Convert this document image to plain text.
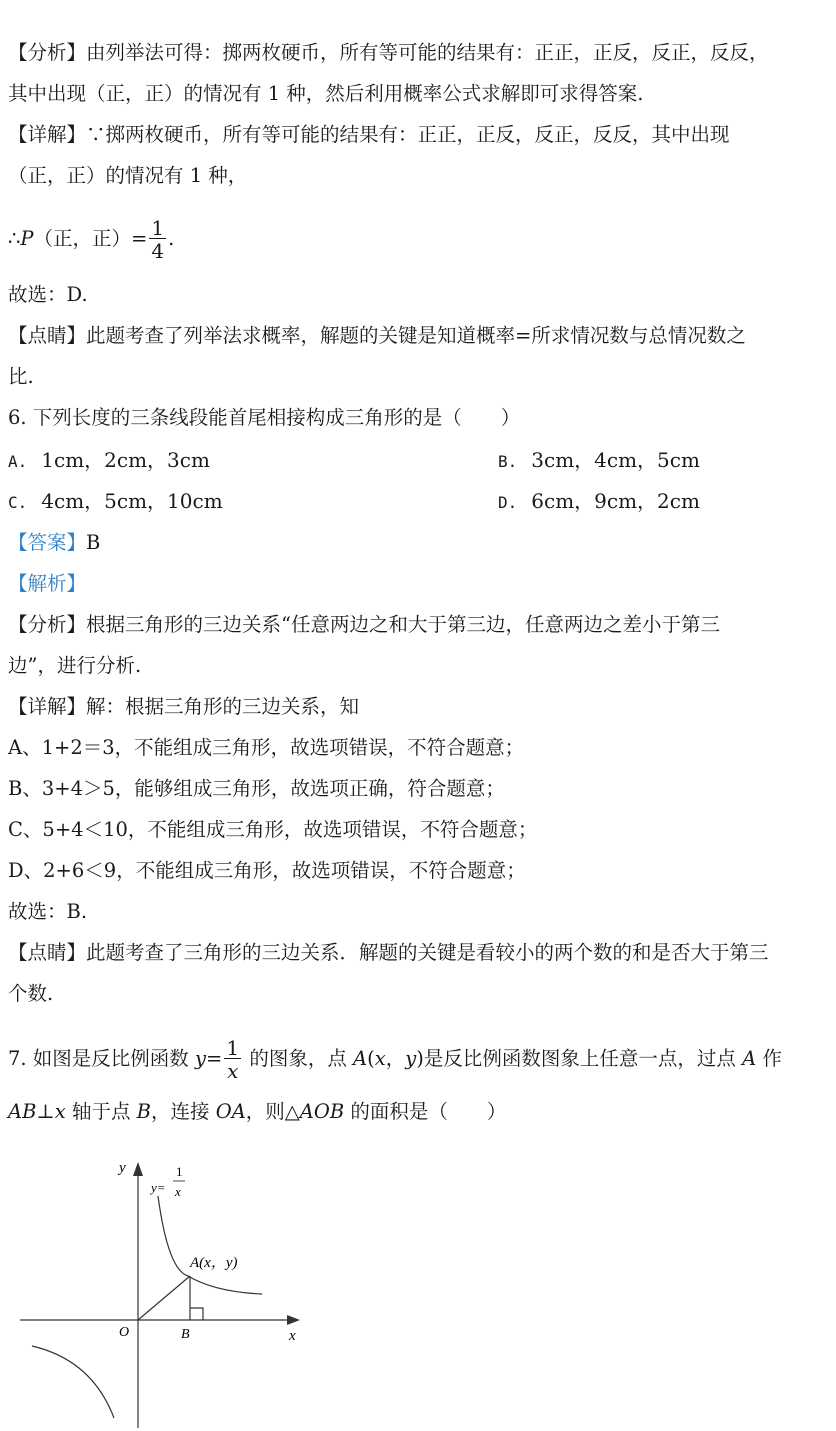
【分析】由列举法可得：掷两枚硬币，所有等可能的结果有：正正，正反，反正，反反，
其中出现（正，正）的情况有 1 种，然后利用概率公式求解即可求得答案.
【详解】∵掷两枚硬币，所有等可能的结果有：正正，正反，反正，反反，其中出现
（正，正）的情况有 1 种，
∴P（正，正）= $\frac{1}{4}$ .
故选：D.
【点睛】此题考查了列举法求概率，解题的关键是知道概率=所求情况数与总情况数之
比.
6. 下列长度的三条线段能首尾相接构成三角形的是（　　）
A. 1cm，2cm，3cm	B. 3cm，4cm，5cm
C. 4cm，5cm，10cm	D. 6cm，9cm，2cm
【答案】B
【解析】
【分析】根据三角形的三边关系“任意两边之和大于第三边，任意两边之差小于第三
边”，进行分析.
【详解】解：根据三角形的三边关系，知
A、1+2＝3，不能组成三角形，故选项错误，不符合题意；
B、3+4＞5，能够组成三角形，故选项正确，符合题意；
C、5+4＜10，不能组成三角形，故选项错误，不符合题意；
D、2+6＜9，不能组成三角形，故选项错误，不符合题意；
故选：B.
【点睛】此题考查了三角形的三边关系．解题的关键是看较小的两个数的和是否大于第三
个数.
7. 如图是反比例函数 $y= \frac{1}{x}$ 的图象，点 A(x，y)是反比例函数图象上任意一点，过点 A 作
AB⊥x 轴于点 B，连接 OA，则△AOB 的面积是（　　）
y
x
O
y=
1
x
A(x，y)
B
